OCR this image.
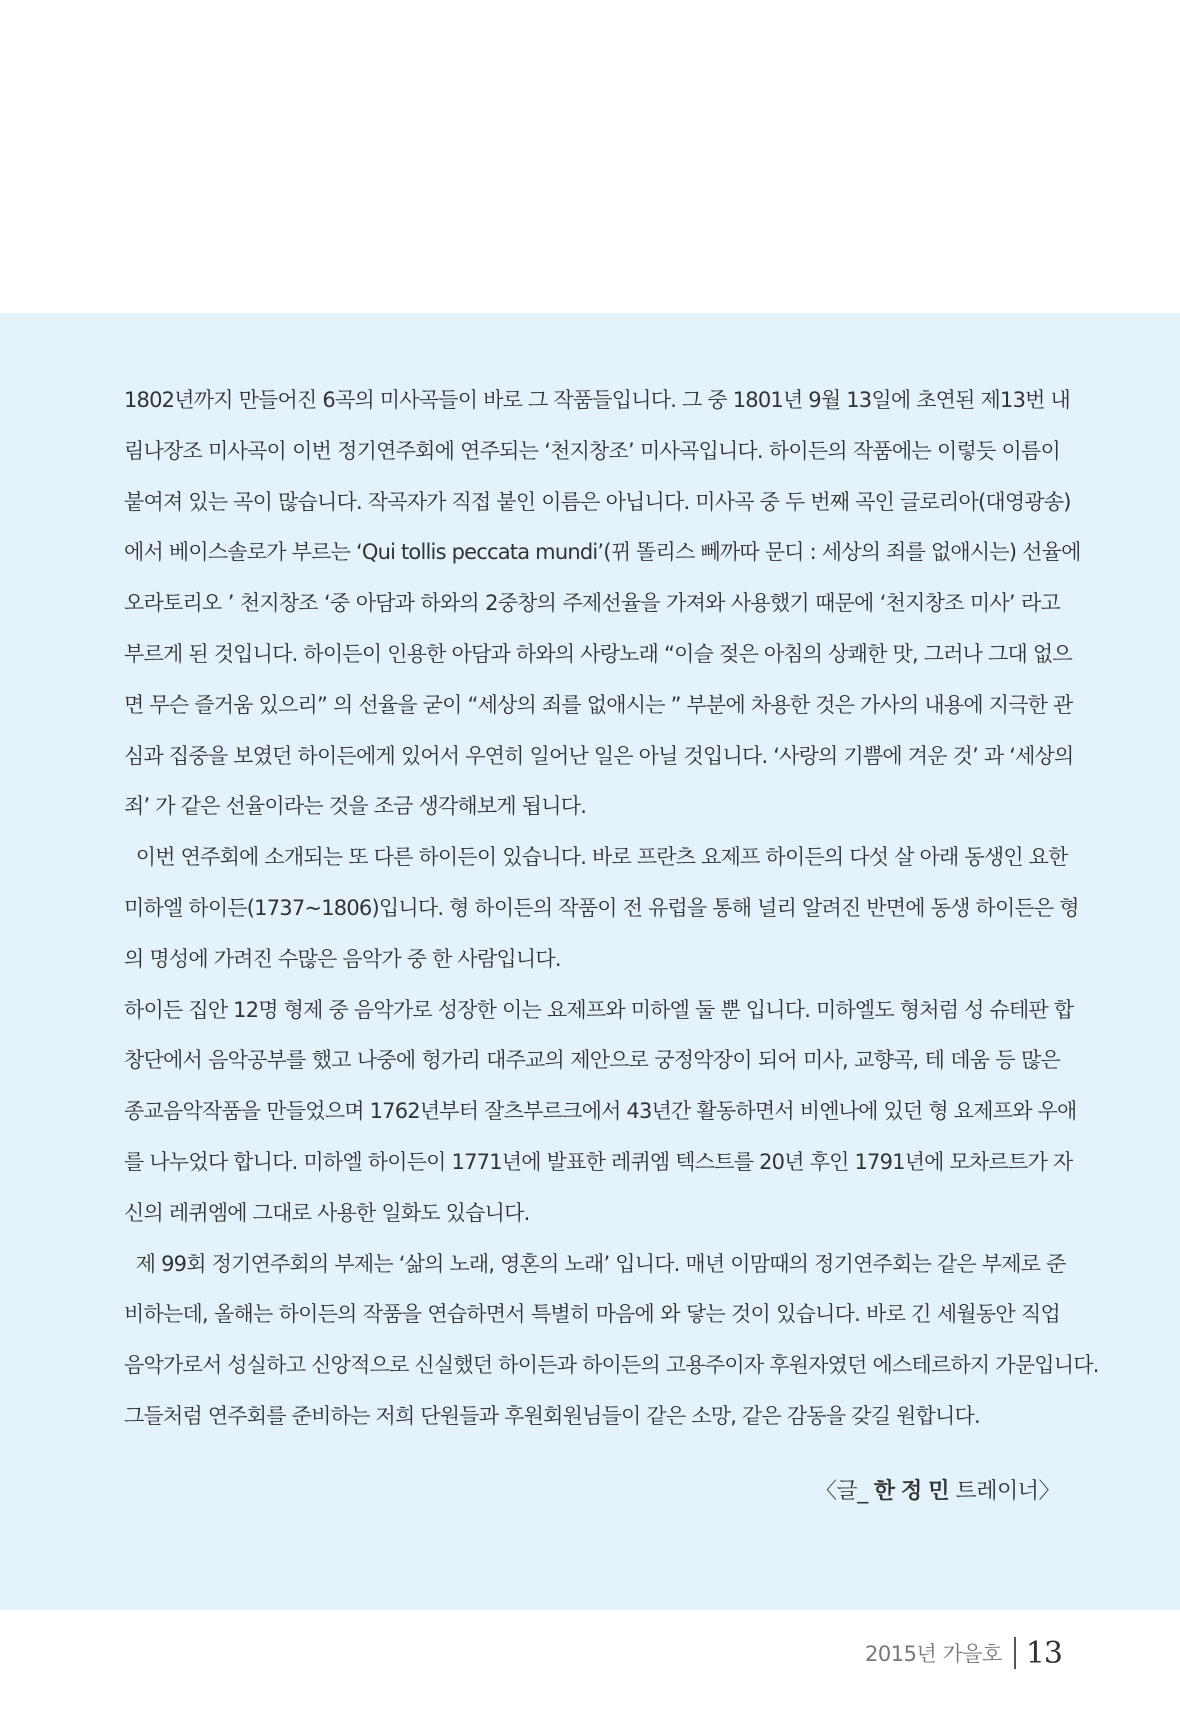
1802년까지 만들어진 6곡의 미사곡들이 바로 그 작품들입니다. 그 중 1801년 9월 13일에 초연된 제13번 내
림나장조 미사곡이 이번 정기연주회에 연주되는 ‘천지창조’ 미사곡입니다. 하이든의 작품에는 이렇듯 이름이
붙여져 있는 곡이 많습니다. 작곡자가 직접 붙인 이름은 아닙니다. 미사곡 중 두 번째 곡인 글로리아(대영광송)
에서 베이스솔로가 부르는 ‘Qui tollis peccata mundi’(뀌 똘리스 뻬까따 문디 : 세상의 죄를 없애시는) 선율에
오라토리오 ’ 천지창조 ‘중 아담과 하와의 2중창의 주제선율을 가져와 사용했기 때문에 ‘천지창조 미사’ 라고
부르게 된 것입니다. 하이든이 인용한 아담과 하와의 사랑노래 “이슬 젖은 아침의 상쾌한 맛, 그러나 그대 없으
면 무슨 즐거움 있으리” 의 선율을 굳이 “세상의 죄를 없애시는 ” 부분에 차용한 것은 가사의 내용에 지극한 관
심과 집중을 보였던 하이든에게 있어서 우연히 일어난 일은 아닐 것입니다. ‘사랑의 기쁨에 겨운 것’ 과 ‘세상의
죄’ 가 같은 선율이라는 것을 조금 생각해보게 됩니다.
이번 연주회에 소개되는 또 다른 하이든이 있습니다. 바로 프란츠 요제프 하이든의 다섯 살 아래 동생인 요한
미하엘 하이든(1737~1806)입니다. 형 하이든의 작품이 전 유럽을 통해 널리 알려진 반면에 동생 하이든은 형
의 명성에 가려진 수많은 음악가 중 한 사람입니다.
하이든 집안 12명 형제 중 음악가로 성장한 이는 요제프와 미하엘 둘 뿐 입니다. 미하엘도 형처럼 성 슈테판 합
창단에서 음악공부를 했고 나중에 헝가리 대주교의 제안으로 궁정악장이 되어 미사, 교향곡, 테 데움 등 많은
종교음악작품을 만들었으며 1762년부터 잘츠부르크에서 43년간 활동하면서 비엔나에 있던 형 요제프와 우애
를 나누었다 합니다. 미하엘 하이든이 1771년에 발표한 레퀴엠 텍스트를 20년 후인 1791년에 모차르트가 자
신의 레퀴엠에 그대로 사용한 일화도 있습니다.
제 99회 정기연주회의 부제는 ‘삶의 노래, 영혼의 노래’ 입니다. 매년 이맘때의 정기연주회는 같은 부제로 준
비하는데, 올해는 하이든의 작품을 연습하면서 특별히 마음에 와 닿는 것이 있습니다. 바로 긴 세월동안 직업
음악가로서 성실하고 신앙적으로 신실했던 하이든과 하이든의 고용주이자 후원자였던 에스테르하지 가문입니다.
그들처럼 연주회를 준비하는 저희 단원들과 후원회원님들이 같은 소망, 같은 감동을 갖길 원합니다.
〈글_ 한정민트레이너〉
2015년 가을호 13
